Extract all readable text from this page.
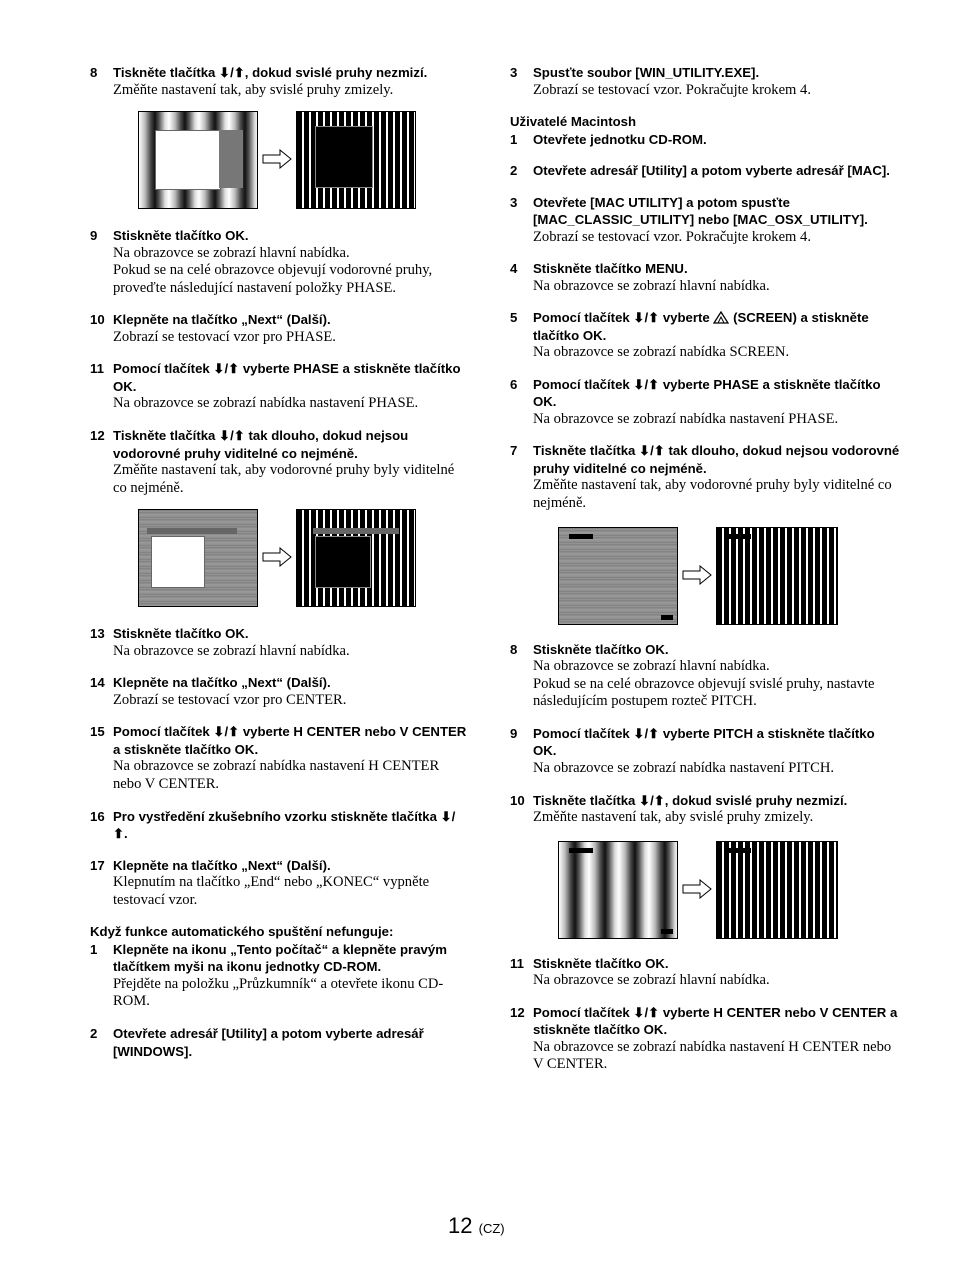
8	Tiskněte tlačítka ⬇/⬆, dokud svislé pruhy nezmizí.
Změňte nastavení tak, aby svislé pruhy zmizely.
9	Stiskněte tlačítko OK.
Na obrazovce se zobrazí hlavní nabídka.
Pokud se na celé obrazovce objevují vodorovné pruhy, proveďte následující nastavení položky PHASE.
10 Klepněte na tlačítko „Next“ (Další).
Zobrazí se testovací vzor pro PHASE.
11 Pomocí tlačítek ⬇/⬆ vyberte PHASE a stiskněte tlačítko OK.
Na obrazovce se zobrazí nabídka nastavení PHASE.
12 Tiskněte tlačítka ⬇/⬆ tak dlouho, dokud nejsou vodorovné pruhy viditelné co nejméně.
Změňte nastavení tak, aby vodorovné pruhy byly viditelné co nejméně.
13 Stiskněte tlačítko OK.
Na obrazovce se zobrazí hlavní nabídka.
14 Klepněte na tlačítko „Next“ (Další).
Zobrazí se testovací vzor pro CENTER.
15 Pomocí tlačítek ⬇/⬆ vyberte H CENTER nebo V CENTER a stiskněte tlačítko OK.
Na obrazovce se zobrazí nabídka nastavení H CENTER nebo V CENTER.
16 Pro vystředění zkušebního vzorku stiskněte tlačítka ⬇/⬆.
17 Klepněte na tlačítko „Next“ (Další).
Klepnutím na tlačítko „End“ nebo „KONEC“ vypněte testovací vzor.
Když funkce automatického spuštění nefunguje:
1	Klepněte na ikonu „Tento počítač“ a klepněte pravým tlačítkem myši na ikonu jednotky CD-ROM.
Přejděte na položku „Průzkumník“ a otevřete ikonu CD-ROM.
2	Otevřete adresář [Utility] a potom vyberte adresář [WINDOWS].
3	Spusťte soubor [WIN_UTILITY.EXE].
Zobrazí se testovací vzor. Pokračujte krokem 4.
Uživatelé Macintosh
1	Otevřete jednotku CD-ROM.
2	Otevřete adresář [Utility] a potom vyberte adresář [MAC].
3	Otevřete [MAC UTILITY] a potom spusťte [MAC_CLASSIC_UTILITY] nebo [MAC_OSX_UTILITY].
Zobrazí se testovací vzor. Pokračujte krokem 4.
4	Stiskněte tlačítko MENU.
Na obrazovce se zobrazí hlavní nabídka.
5	Pomocí tlačítek ⬇/⬆ vyberte (SCREEN) a stiskněte tlačítko OK.
Na obrazovce se zobrazí nabídka SCREEN.
6	Pomocí tlačítek ⬇/⬆ vyberte PHASE a stiskněte tlačítko OK.
Na obrazovce se zobrazí nabídka nastavení PHASE.
7	Tiskněte tlačítka ⬇/⬆ tak dlouho, dokud nejsou vodorovné pruhy viditelné co nejméně.
Změňte nastavení tak, aby vodorovné pruhy byly viditelné co nejméně.
8	Stiskněte tlačítko OK.
Na obrazovce se zobrazí hlavní nabídka.
Pokud se na celé obrazovce objevují svislé pruhy, nastavte následujícím postupem rozteč PITCH.
9	Pomocí tlačítek ⬇/⬆ vyberte PITCH a stiskněte tlačítko OK.
Na obrazovce se zobrazí nabídka nastavení PITCH.
10 Tiskněte tlačítka ⬇/⬆, dokud svislé pruhy nezmizí.
Změňte nastavení tak, aby svislé pruhy zmizely.
11 Stiskněte tlačítko OK.
Na obrazovce se zobrazí hlavní nabídka.
12 Pomocí tlačítek ⬇/⬆ vyberte H CENTER nebo V CENTER a stiskněte tlačítko OK.
Na obrazovce se zobrazí nabídka nastavení H CENTER nebo V CENTER.
12 (CZ)
